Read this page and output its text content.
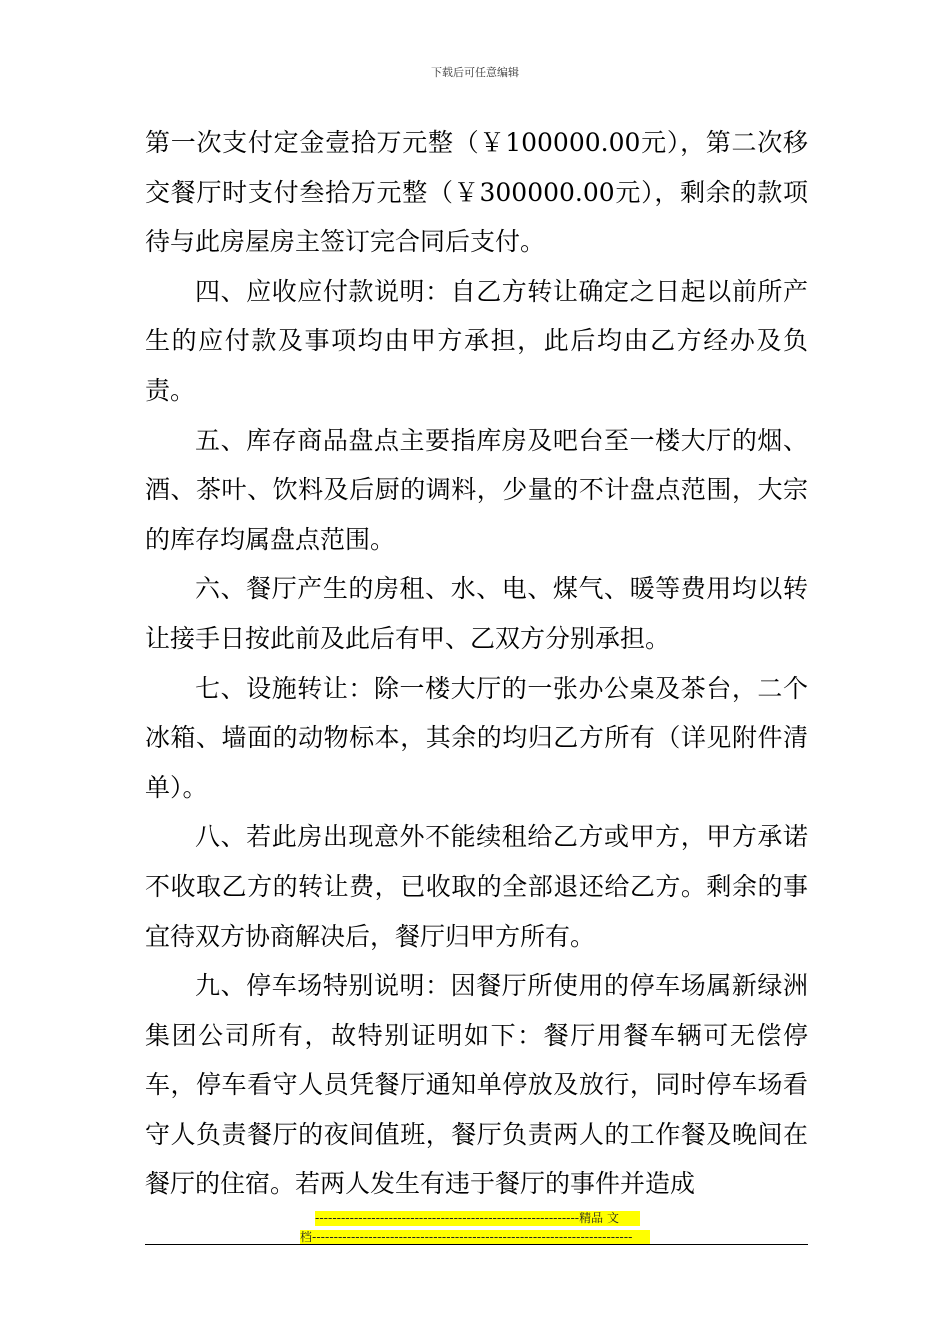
下载后可任意编辑

第一次支付定金壹拾万元整（￥100000.00元），第二次移交餐厅时支付叁拾万元整（￥300000.00元），剩余的款项待与此房屋房主签订完合同后支付。

四、应收应付款说明：自乙方转让确定之日起以前所产生的应付款及事项均由甲方承担，此后均由乙方经办及负责。

五、库存商品盘点主要指库房及吧台至一楼大厅的烟、酒、茶叶、饮料及后厨的调料，少量的不计盘点范围，大宗的库存均属盘点范围。

六、餐厅产生的房租、水、电、煤气、暖等费用均以转让接手日按此前及此后有甲、乙双方分别承担。

七、设施转让：除一楼大厅的一张办公桌及茶台，二个冰箱、墙面的动物标本，其余的均归乙方所有（详见附件清单）。

八、若此房出现意外不能续租给乙方或甲方，甲方承诺不收取乙方的转让费，已收取的全部退还给乙方。剩余的事宜待双方协商解决后，餐厅归甲方所有。

九、停车场特别说明：因餐厅所使用的停车场属新绿洲集团公司所有，故特别证明如下：餐厅用餐车辆可无偿停车，停车看守人员凭餐厅通知单停放及放行，同时停车场看守人负责餐厅的夜间值班，餐厅负责两人的工作餐及晚间在餐厅的住宿。若两人发生有违于餐厅的事件并造成

-------------------------------------------------------------精品 文
档--------------------------------------------------------------------------
